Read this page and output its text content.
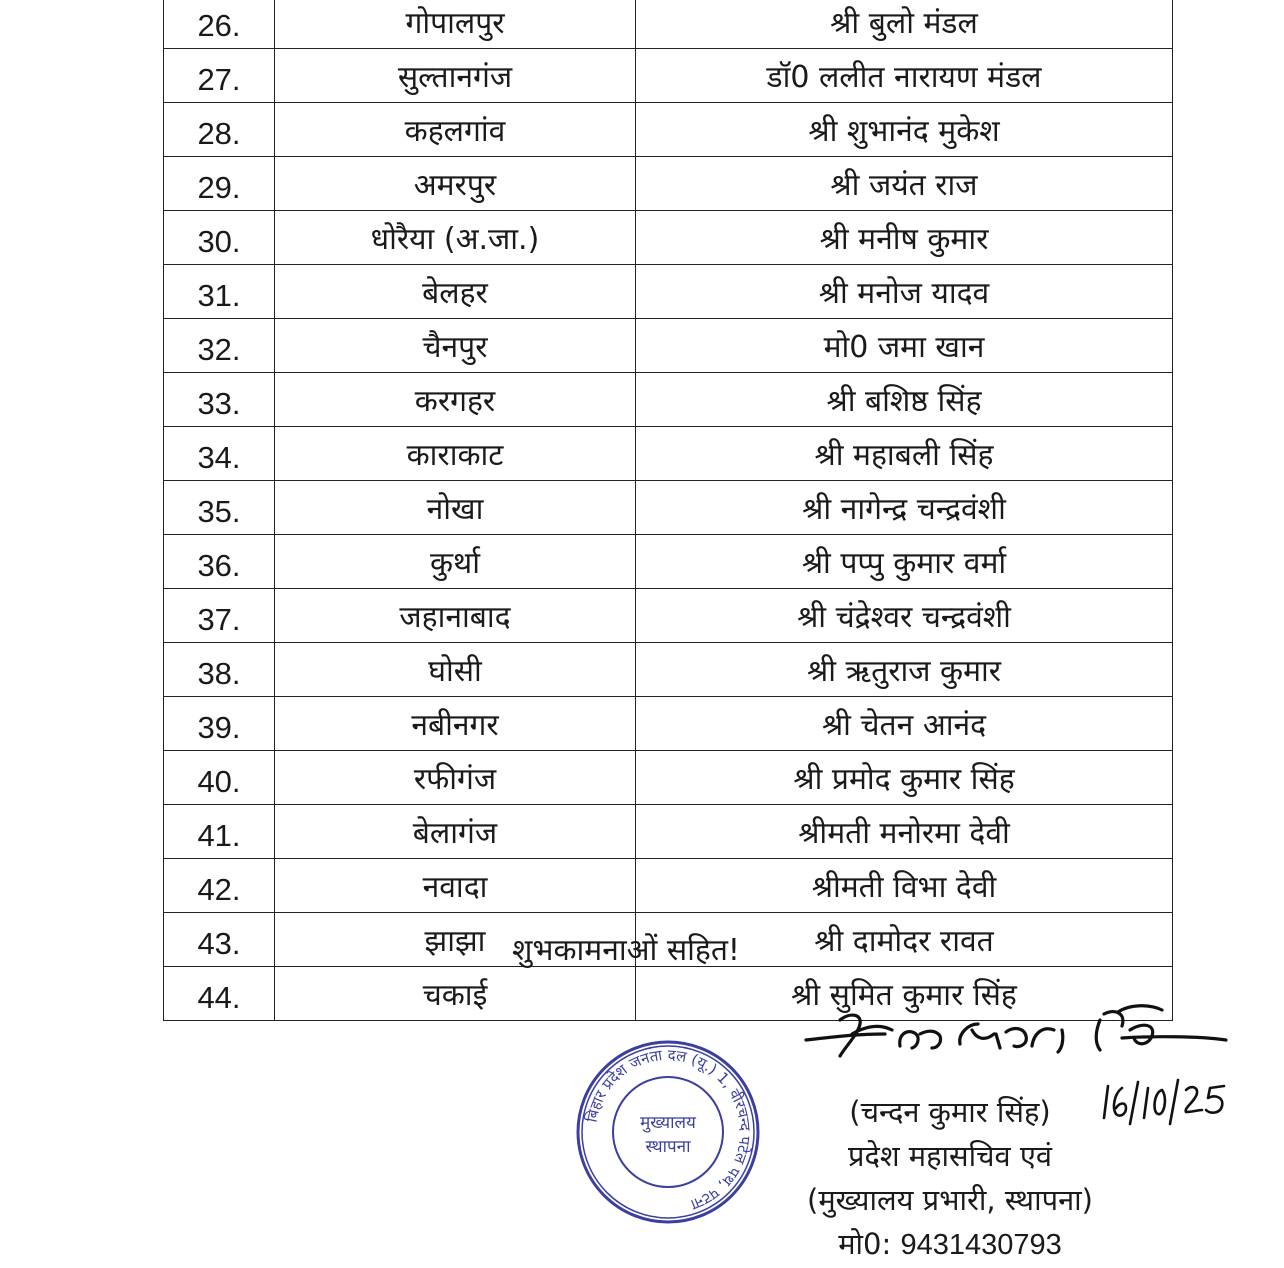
26.	गोपालपुर	श्री बुलो मंडल
27.	सुल्तानगंज	डॉ0 ललीत नारायण मंडल
28.	कहलगांव	श्री शुभानंद मुकेश
29.	अमरपुर	श्री जयंत राज
30.	धोरैया (अ.जा.)	श्री मनीष कुमार
31.	बेलहर	श्री मनोज यादव
32.	चैनपुर	मो0 जमा खान
33.	करगहर	श्री बशिष्ठ सिंह
34.	काराकाट	श्री महाबली सिंह
35.	नोखा	श्री नागेन्द्र चन्द्रवंशी
36.	कुर्था	श्री पप्पु कुमार वर्मा
37.	जहानाबाद	श्री चंद्रेश्वर चन्द्रवंशी
38.	घोसी	श्री ऋतुराज कुमार
39.	नबीनगर	श्री चेतन आनंद
40.	रफीगंज	श्री प्रमोद कुमार सिंह
41.	बेलागंज	श्रीमती मनोरमा देवी
42.	नवादा	श्रीमती विभा देवी
43.	झाझा	श्री दामोदर रावत
44.	चकाई	श्री सुमित कुमार सिंह
शुभकामनाओं सहित!
बिहार प्रदेश जनता दल (यू.) 1, वीरचन्द पटेल पथ, पटना
मुख्यालय
स्थापना
(चन्दन कुमार सिंह)
प्रदेश महासचिव एवं
(मुख्यालय प्रभारी, स्थापना)
मो0: 9431430793
